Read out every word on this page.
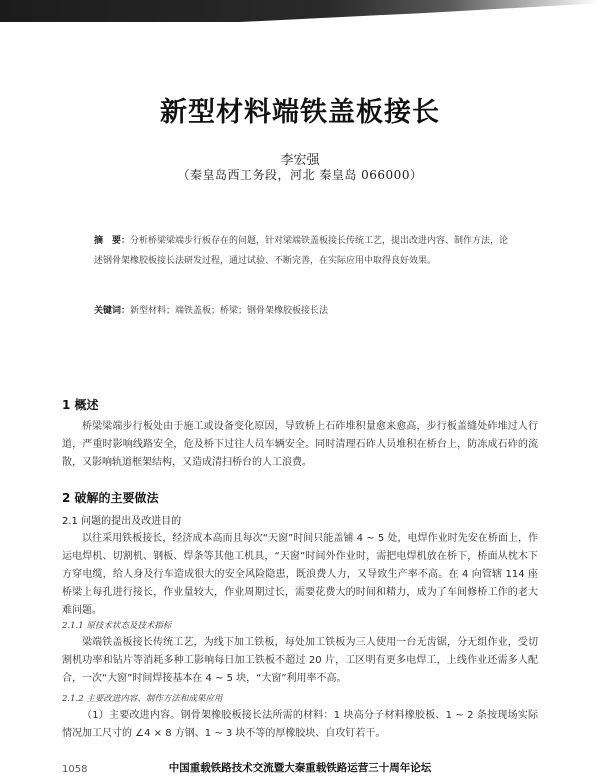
新型材料端铁盖板接长
李宏强
（秦皇岛西工务段，河北 秦皇岛 066000）
摘　要：分析桥梁梁端步行板存在的问题，针对梁端铁盖板接长传统工艺，提出改进内容、制作方法，论述钢骨架橡胶板接长法研发过程，通过试验、不断完善，在实际应用中取得良好效果。
关键词：新型材料；端铁盖板；桥梁；钢骨架橡胶板接长法
1 概述
桥梁梁端步行板处由于施工或设备变化原因，导致桥上石砟堆积量愈来愈高，步行板盖缝处砟堆过人行道，严重时影响线路安全，危及桥下过往人员车辆安全。同时清理石砟人员堆积在桥台上，防冻成石砟的流散，又影响轨道框架结构，又造成清扫桥台的人工浪费。
2 破解的主要做法
2.1 问题的提出及改进目的
以往采用铁板接长，经济成本高而且每次“天窗”时间只能盖铺 4 ~ 5 处，电焊作业时先安在桥面上，作运电焊机、切割机、钢板、焊条等其他工机具，“天窗”时间外作业时，需把电焊机放在桥下，桥面从枕木下方穿电缆，给人身及行车造成很大的安全风险隐患，既浪费人力，又导致生产率不高。在 4 向管辖 114 座桥梁上每孔进行接长，作业量较大，作业周期过长，需要花费大的时间和精力，成为了车间修桥工作的老大难问题。
2.1.1 原技术状态及技术指标
梁端铁盖板接长传统工艺，为线下加工铁板，每处加工铁板为三人使用一台无齿锯，分无组作业，受切割机功率和钻片等消耗多种工影响每日加工铁板不超过 20 片，工区明有更多电焊工，上线作业还需多人配合，一次“大窗”时间焊接基本在 4 ~ 5 块，“大窗”利用率不高。
2.1.2 主要改进内容、制作方法和成果应用
（1）主要改进内容。钢骨架橡胶板接长法所需的材料：1 块高分子材料橡胶板、1 ~ 2 条按现场实际情况加工尺寸的 ∠4 × 8 方钢、1 ~ 3 块不等的厚橡胶块、自攻钉若干。
1058	中国重载铁路技术交流暨大秦重载铁路运营三十周年论坛
